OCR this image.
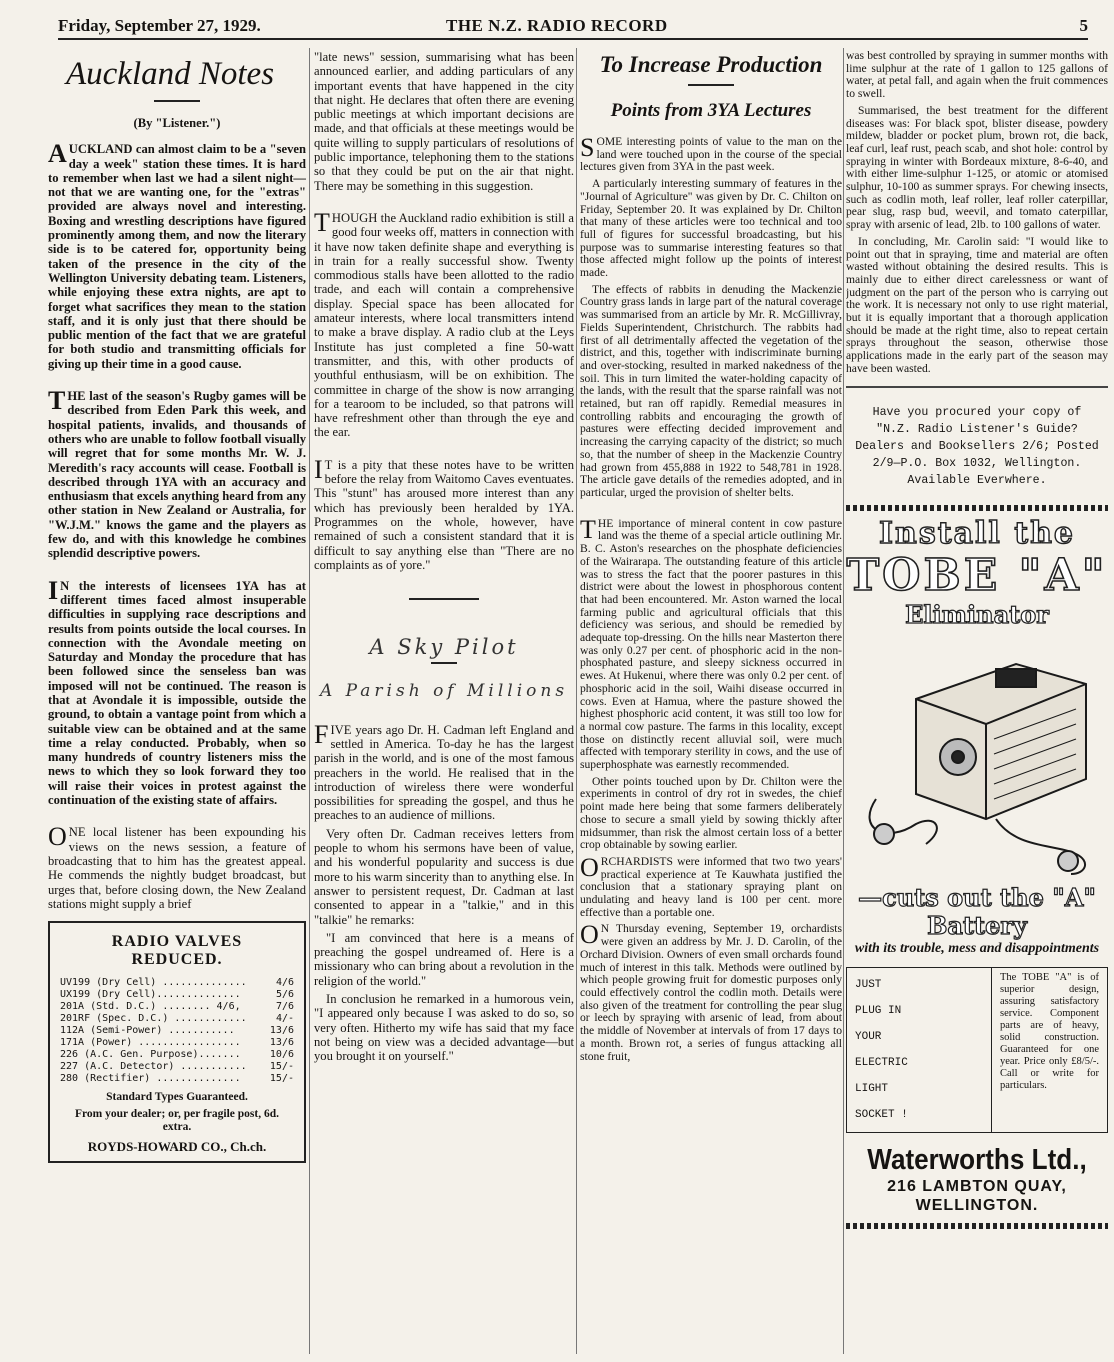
Friday, September 27, 1929.	THE N.Z. RADIO RECORD	5
Auckland Notes
(By "Listener.")

AUCKLAND can almost claim to be a "seven day a week" station these times. It is hard to remember when last we had a silent night—not that we are wanting one, for the "extras" provided are always novel and interesting. Boxing and wrestling descriptions have figured prominently among them, and now the literary side is to be catered for, opportunity being taken of the presence in the city of the Wellington University debating team. Listeners, while enjoying these extra nights, are apt to forget what sacrifices they mean to the station staff, and it is only just that there should be public mention of the fact that we are grateful for both studio and transmitting officials for giving up their time in a good cause.

THE last of the season's Rugby games will be described from Eden Park this week, and hospital patients, invalids, and thousands of others who are unable to follow football visually will regret that for some months Mr. W. J. Meredith's racy accounts will cease. Football is described through 1YA with an accuracy and enthusiasm that excels anything heard from any other station in New Zealand or Australia, for "W.J.M." knows the game and the players as few do, and with this knowledge he combines splendid descriptive powers.

IN the interests of licensees 1YA has at different times faced almost insuperable difficulties in supplying race descriptions and results from points outside the local courses. In connection with the Avondale meeting on Saturday and Monday the procedure that has been followed since the senseless ban was imposed will not be continued. The reason is that at Avondale it is impossible, outside the ground, to obtain a vantage point from which a suitable view can be obtained and at the same time a relay conducted. Probably, when so many hundreds of country listeners miss the news to which they so look forward they too will raise their voices in protest against the continuation of the existing state of affairs.

ONE local listener has been expounding his views on the news session, a feature of broadcasting that to him has the greatest appeal. He commends the nightly budget broadcast, but urges that, before closing down, the New Zealand stations might supply a brief

RADIO VALVES
REDUCED.
UV199 (Dry Cell) ..............	4/6
UX199 (Dry Cell)..............	5/6
201A (Std. D.C.) ........ 4/6,	7/6
201RF (Spec. D.C.) ............	4/-
112A (Semi-Power) ...........	13/6
171A (Power) .................	13/6
226 (A.C. Gen. Purpose).......	10/6
227 (A.C. Detector) ........... 15/-
280 (Rectifier) ..............	15/-
Standard Types Guaranteed.
From your dealer; or, per fragile post, 6d. extra.
ROYDS-HOWARD CO., Ch.ch.

"late news" session, summarising what has been announced earlier, and adding particulars of any important events that have happened in the city that night. He declares that often there are evening public meetings at which important decisions are made, and that officials at these meetings would be quite willing to supply particulars of resolutions of public importance, telephoning them to the stations so that they could be put on the air that night. There may be something in this suggestion.

THOUGH the Auckland radio exhibition is still a good four weeks off, matters in connection with it have now taken definite shape and everything is in train for a really successful show. Twenty commodious stalls have been allotted to the radio trade, and each will contain a comprehensive display. Special space has been allocated for amateur interests, where local transmitters intend to make a brave display. A radio club at the Leys Institute has just completed a fine 50-watt transmitter, and this, with other products of youthful enthusiasm, will be on exhibition. The committee in charge of the show is now arranging for a tearoom to be included, so that patrons will have refreshment other than through the eye and the ear.

IT is a pity that these notes have to be written before the relay from Waitomo Caves eventuates. This "stunt" has aroused more interest than any which has previously been heralded by 1YA. Programmes on the whole, however, have remained of such a consistent standard that it is difficult to say anything else than "There are no complaints as of yore."

A Sky Pilot
A Parish of Millions

FIVE years ago Dr. H. Cadman left England and settled in America. To-day he has the largest parish in the world, and is one of the most famous preachers in the world. He realised that in the introduction of wireless there were wonderful possibilities for spreading the gospel, and thus he preaches to an audience of millions.

Very often Dr. Cadman receives letters from people to whom his sermons have been of value, and his wonderful popularity and success is due more to his warm sincerity than to anything else. In answer to persistent request, Dr. Cadman at last consented to appear in a "talkie," and in this "talkie" he remarks:

"I am convinced that here is a means of preaching the gospel undreamed of. Here is a missionary who can bring about a revolution in the religion of the world."

In conclusion he remarked in a humorous vein, "I appeared only because I was asked to do so, so very often. Hitherto my wife has said that my face not being on view was a decided advantage—but you brought it on yourself."

To Increase Production
Points from 3YA Lectures

SOME interesting points of value to the man on the land were touched upon in the course of the special lectures given from 3YA in the past week.

A particularly interesting summary of features in the "Journal of Agriculture" was given by Dr. C. Chilton on Friday, September 20. It was explained by Dr. Chilton that many of these articles were too technical and too full of figures for successful broadcasting, but his purpose was to summarise interesting features so that those affected might follow up the points of interest made.

The effects of rabbits in denuding the Mackenzie Country grass lands in large part of the natural coverage was summarised from an article by Mr. R. McGillivray, Fields Superintendent, Christchurch. The rabbits had first of all detrimentally affected the vegetation of the district, and this, together with indiscriminate burning and over-stocking, resulted in marked nakedness of the soil. This in turn limited the water-holding capacity of the lands, with the result that the sparse rainfall was not retained, but ran off rapidly. Remedial measures in controlling rabbits and encouraging the growth of pastures were effecting decided improvement and increasing the carrying capacity of the district; so much so, that the number of sheep in the Mackenzie Country had grown from 455,888 in 1922 to 548,781 in 1928. The article gave details of the remedies adopted, and in particular, urged the provision of shelter belts.

THE importance of mineral content in cow pasture land was the theme of a special article outlining Mr. B. C. Aston's researches on the phosphate deficiencies of the Wairarapa. The outstanding feature of this article was to stress the fact that the poorer pastures in this district were about the lowest in phosphorous content that had been encountered. Mr. Aston warned the local farming public and agricultural officials that this deficiency was serious, and should be remedied by adequate top-dressing. On the hills near Masterton there was only 0.27 per cent. of phosphoric acid in the non-phosphated pasture, and sleepy sickness occurred in ewes. At Hukenui, where there was only 0.2 per cent. of phosphoric acid in the soil, Waihi disease occurred in cows. Even at Hamua, where the pasture showed the highest phosphoric acid content, it was still too low for a normal cow pasture. The farms in this locality, except those on distinctly recent alluvial soil, were much affected with temporary sterility in cows, and the use of superphosphate was earnestly recommended.

Other points touched upon by Dr. Chilton were the experiments in control of dry rot in swedes, the chief point made here being that some farmers deliberately chose to secure a small yield by sowing thickly after midsummer, than risk the almost certain loss of a better crop obtainable by sowing earlier.

ORCHARDISTS were informed that two two years' practical experience at Te Kauwhata justified the conclusion that a stationary spraying plant on undulating and heavy land is 100 per cent. more effective than a portable one.

ON Thursday evening, September 19, orchardists were given an address by Mr. J. D. Carolin, of the Orchard Division. Owners of even small orchards found much of interest in this talk. Methods were outlined by which people growing fruit for domestic purposes only could effectively control the codlin moth. Details were also given of the treatment for controlling the pear slug or leech by spraying with arsenic of lead, from about the middle of November at intervals of from 17 days to a month. Brown rot, a series of fungus attacking all stone fruit,

was best controlled by spraying in summer months with lime sulphur at the rate of 1 gallon to 125 gallons of water, at petal fall, and again when the fruit commences to swell.

Summarised, the best treatment for the different diseases was: For black spot, blister disease, powdery mildew, bladder or pocket plum, brown rot, die back, leaf curl, leaf rust, peach scab, and shot hole: control by spraying in winter with Bordeaux mixture, 8-6-40, and with either lime-sulphur 1-125, or atomic or atomised sulphur, 10-100 as summer sprays. For chewing insects, such as codlin moth, leaf roller, leaf roller caterpillar, pear slug, rasp bud, weevil, and tomato caterpillar, spray with arsenic of lead, 2lb. to 100 gallons of water.

In concluding, Mr. Carolin said: "I would like to point out that in spraying, time and material are often wasted without obtaining the desired results. This is mainly due to either direct carelessness or want of judgment on the part of the person who is carrying out the work. It is necessary not only to use right material, but it is equally important that a thorough application should be made at the right time, also to repeat certain sprays throughout the season, otherwise those applications made in the early part of the season may have been wasted.

Have you procured your copy of
"N.Z. Radio Listener's Guide?
Dealers and Booksellers 2/6; Posted
2/9—P.O. Box 1032, Wellington.
Available Everwhere.
Install the
TOBE "A"
Eliminator
—cuts out the "A"
Battery
with its trouble, mess and disappointments
JUST
PLUG IN
YOUR
ELECTRIC
LIGHT
SOCKET !
The TOBE "A" is of superior design, assuring satisfactory service. Component parts are of heavy, solid construction. Guaranteed for one year. Price only £8/5/-. Call or write for particulars.
Waterworths Ltd.,
216 LAMBTON QUAY,
WELLINGTON.
